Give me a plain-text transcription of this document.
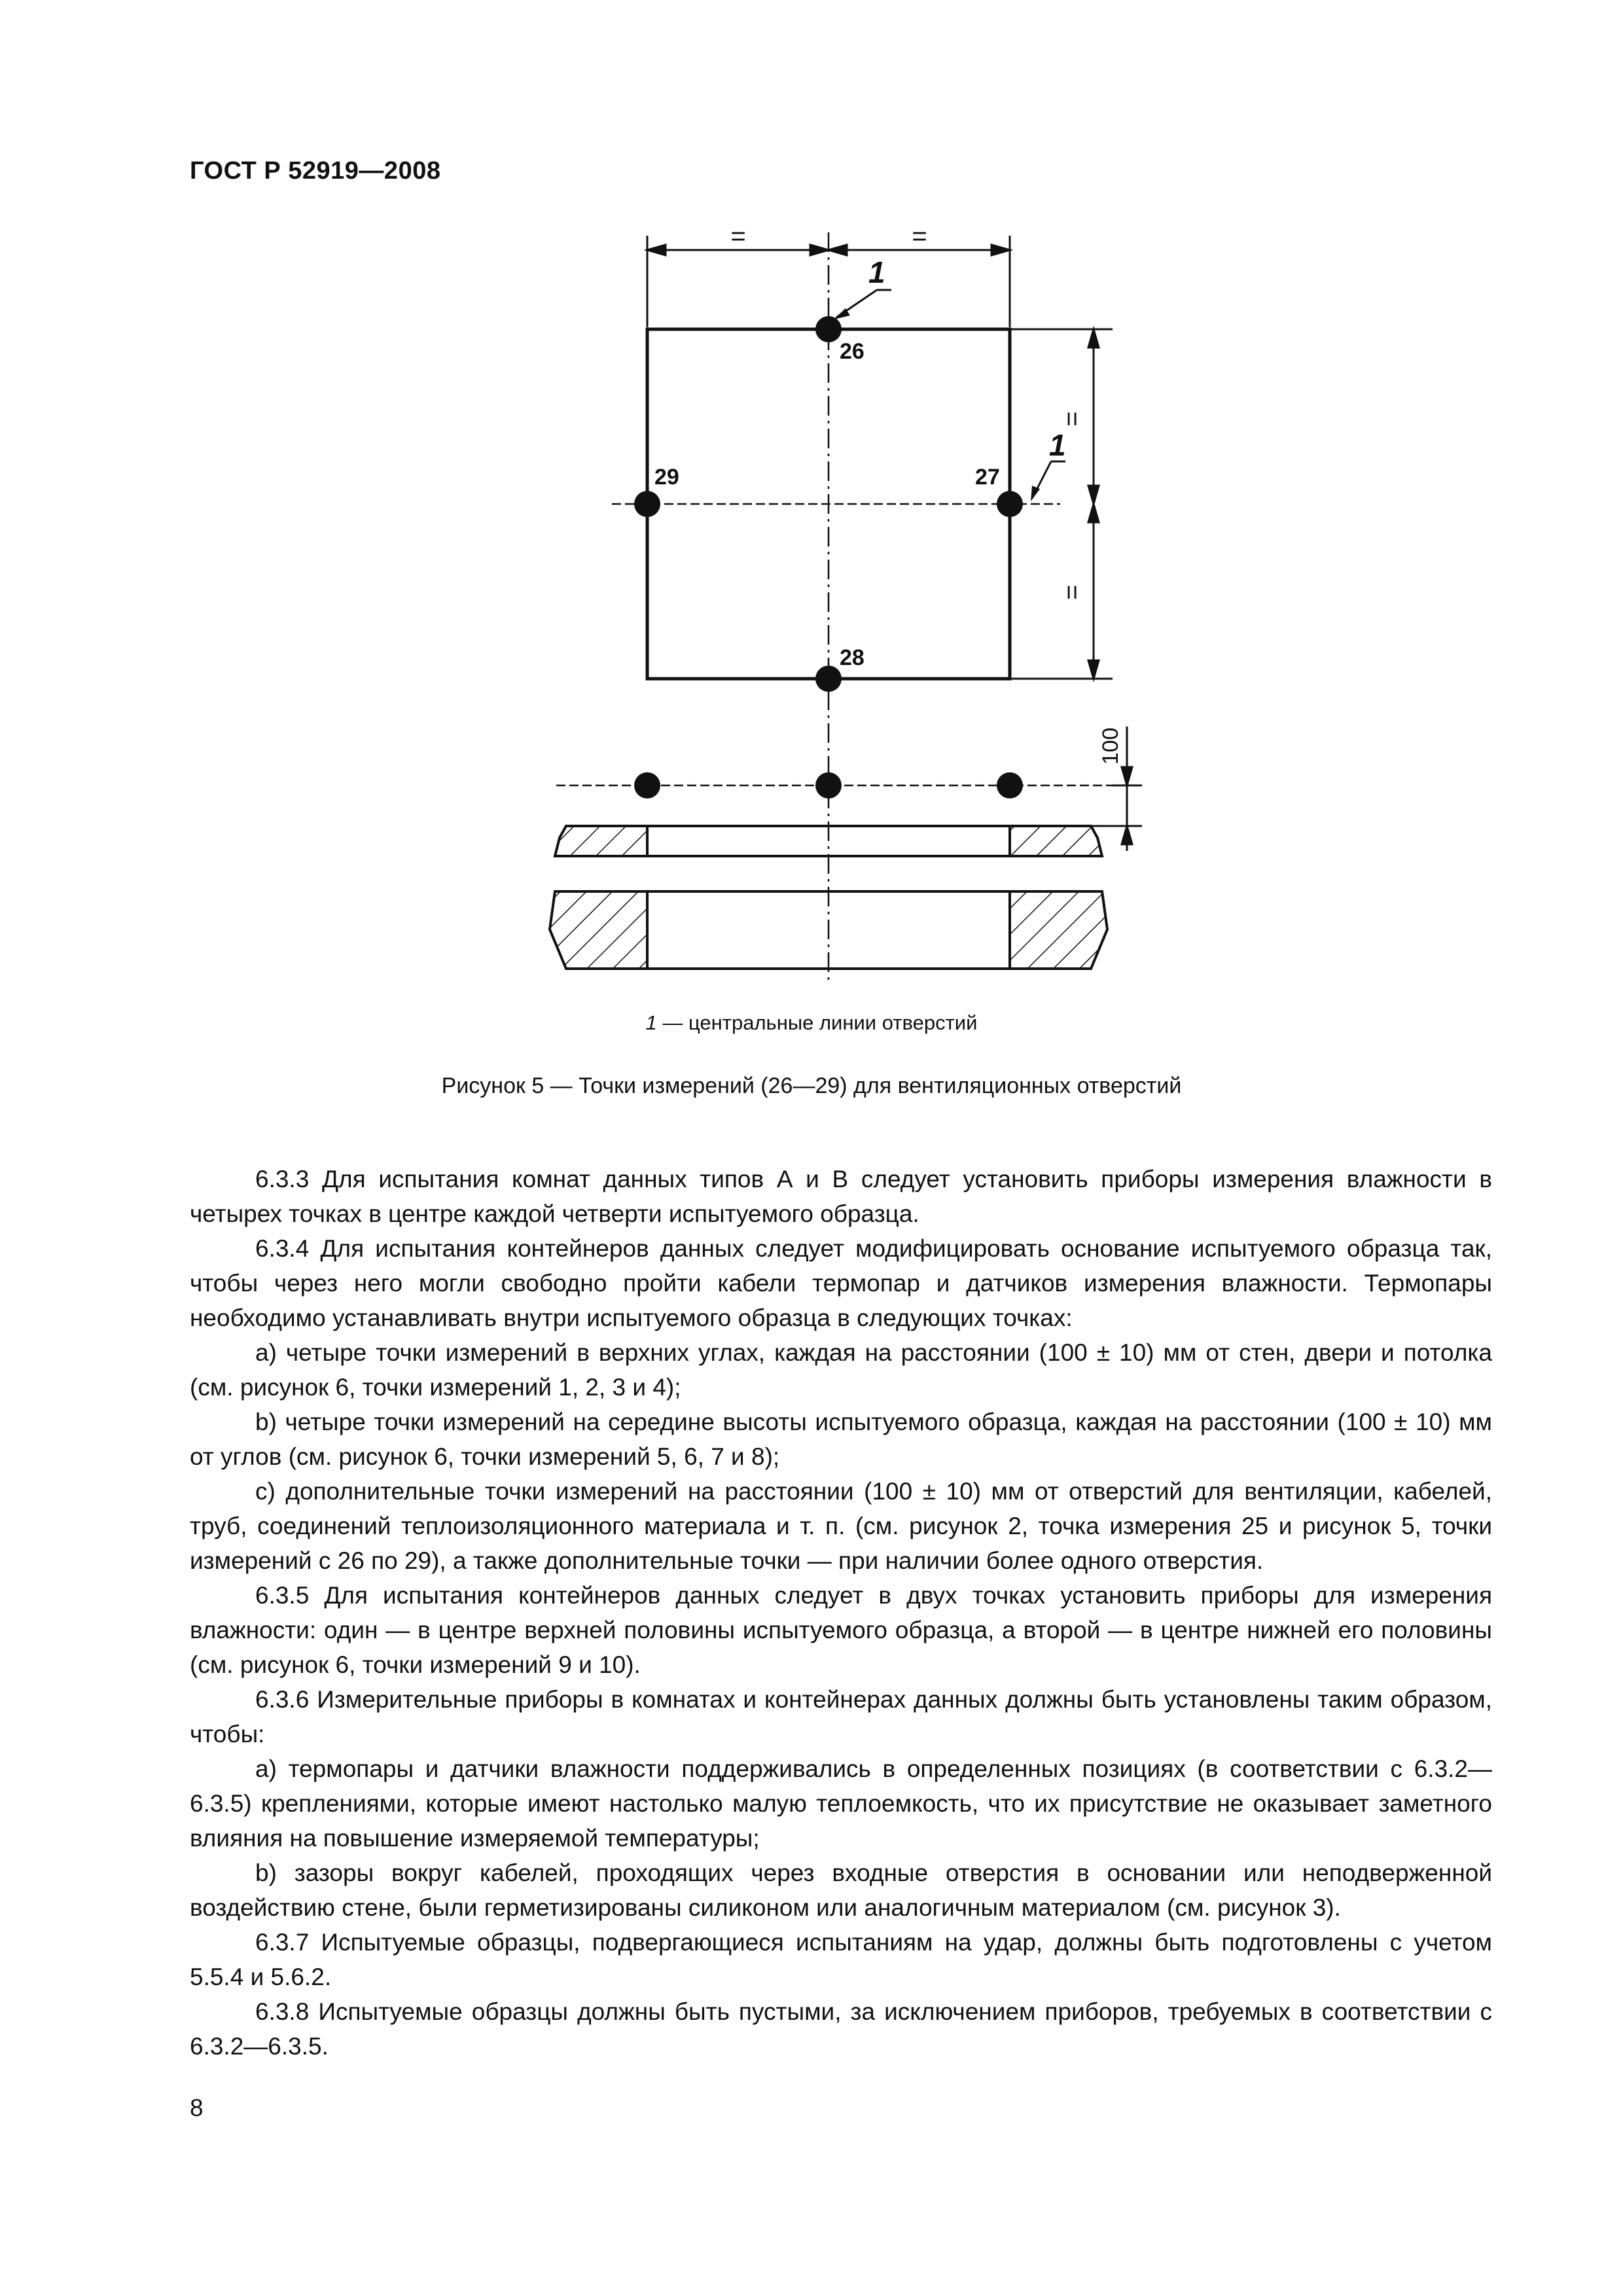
ГОСТ Р 52919—2008
=	=
=
=
26
27
28
29
1
1
100
1 — центральные линии отверстий
Рисунок 5 — Точки измерений (26—29) для вентиляционных отверстий

6.3.3 Для испытания комнат данных типов А и В следует установить приборы измерения влажности в четырех точках в центре каждой четверти испытуемого образца.

6.3.4 Для испытания контейнеров данных следует модифицировать основание испытуемого образца так, чтобы через него могли свободно пройти кабели термопар и датчиков измерения влажности. Термопары необходимо устанавливать внутри испытуемого образца в следующих точках:

а) четыре точки измерений в верхних углах, каждая на расстоянии (100 ± 10) мм от стен, двери и потолка (см. рисунок 6, точки измерений 1, 2, 3 и 4);

b) четыре точки измерений на середине высоты испытуемого образца, каждая на расстоянии (100 ± 10) мм от углов (см. рисунок 6, точки измерений 5, 6, 7 и 8);

c) дополнительные точки измерений на расстоянии (100 ± 10) мм от отверстий для вентиляции, кабелей, труб, соединений теплоизоляционного материала и т. п. (см. рисунок 2, точка измерения 25 и рисунок 5, точки измерений с 26 по 29), а также дополнительные точки — при наличии более одного отверстия.

6.3.5 Для испытания контейнеров данных следует в двух точках установить приборы для измерения влажности: один — в центре верхней половины испытуемого образца, а второй — в центре нижней его половины (см. рисунок 6, точки измерений 9 и 10).

6.3.6 Измерительные приборы в комнатах и контейнерах данных должны быть установлены таким образом, чтобы:

а) термопары и датчики влажности поддерживались в определенных позициях (в соответствии с 6.3.2—6.3.5) креплениями, которые имеют настолько малую теплоемкость, что их присутствие не оказывает заметного влияния на повышение измеряемой температуры;

b) зазоры вокруг кабелей, проходящих через входные отверстия в основании или неподверженной воздействию стене, были герметизированы силиконом или аналогичным материалом (см. рисунок 3).

6.3.7 Испытуемые образцы, подвергающиеся испытаниям на удар, должны быть подготовлены с учетом 5.5.4 и 5.6.2.

6.3.8 Испытуемые образцы должны быть пустыми, за исключением приборов, требуемых в соответствии с 6.3.2—6.3.5.

8
